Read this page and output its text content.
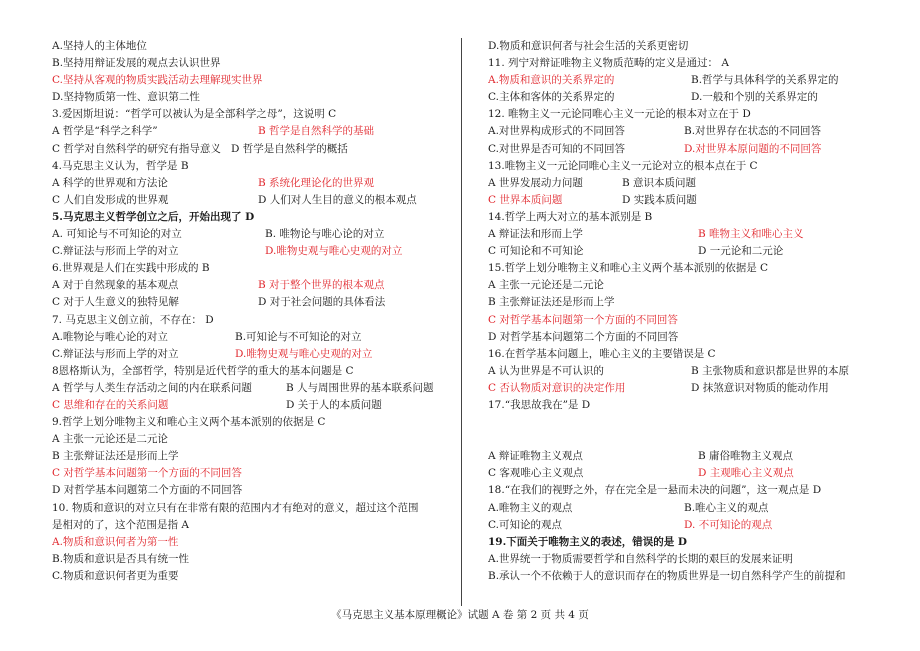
A.坚持人的主体地位
B.坚持用辩证发展的观点去认识世界
C.坚持从客观的物质实践活动去理解现实世界
D.坚持物质第一性、意识第二性
3.爱因斯坦说：“哲学可以被认为是全部科学之母”，这说明 C
A 哲学是“科学之科学”	B 哲学是自然科学的基础
C 哲学对自然科学的研究有指导意义 D 哲学是自然科学的概括
4.马克思主义认为，哲学是 B
A 科学的世界观和方法论	B 系统化理论化的世界观
C 人们自发形成的世界观	D 人们对人生目的意义的根本观点
5.马克思主义哲学创立之后，开始出现了 D
A. 可知论与不可知论的对立	B. 唯物论与唯心论的对立
C.辩证法与形而上学的对立	D.唯物史观与唯心史观的对立
6.世界观是人们在实践中形成的 B
A 对于自然现象的基本观点	B 对于整个世界的根本观点
C 对于人生意义的独特见解	D 对于社会问题的具体看法
7. 马克思主义创立前，不存在： D
A.唯物论与唯心论的对立	B.可知论与不可知论的对立
C.辩证法与形而上学的对立	D.唯物史观与唯心史观的对立
8恩格斯认为，全部哲学，特别是近代哲学的重大的基本问题是 C
A 哲学与人类生存活动之间的内在联系问题	B 人与周围世界的基本联系问题
C 思维和存在的关系问题	D 关于人的本质问题
9.哲学上划分唯物主义和唯心主义两个基本派别的依据是 C
A 主张一元论还是二元论
B 主张辩证法还是形而上学
C 对哲学基本问题第一个方面的不同回答
D 对哲学基本问题第二个方面的不同回答
10. 物质和意识的对立只有在非常有限的范围内才有绝对的意义，超过这个范围
是相对的了，这个范围是指 A
A.物质和意识何者为第一性
B.物质和意识是否具有统一性
C.物质和意识何者更为重要
D.物质和意识何者与社会生活的关系更密切
11. 列宁对辩证唯物主义物质范畴的定义是通过： A
A.物质和意识的关系界定的	B.哲学与具体科学的关系界定的
C.主体和客体的关系界定的	D.一般和个别的关系界定的
12. 唯物主义一元论同唯心主义一元论的根本对立在于 D
A.对世界构成形式的不同回答	B.对世界存在状态的不同回答
C.对世界是否可知的不同回答	D.对世界本原问题的不同回答
13.唯物主义一元论同唯心主义一元论对立的根本点在于 C
A 世界发展动力问题	B 意识本质问题
C 世界本质问题	D 实践本质问题
14.哲学上两大对立的基本派别是 B
A 辩证法和形而上学	B 唯物主义和唯心主义
C 可知论和不可知论	D 一元论和二元论
15.哲学上划分唯物主义和唯心主义两个基本派别的依据是 C
A 主张一元论还是二元论
B 主张辩证法还是形而上学
C 对哲学基本问题第一个方面的不同回答
D 对哲学基本问题第二个方面的不同回答
16.在哲学基本问题上，唯心主义的主要错误是 C
A 认为世界是不可认识的	B 主张物质和意识都是世界的本原
C 否认物质对意识的决定作用	D 抹煞意识对物质的能动作用
17.“我思故我在”是 D
A 辩证唯物主义观点	B 庸俗唯物主义观点
C 客观唯心主义观点	D 主观唯心主义观点
18.“在我们的视野之外，存在完全是一悬而未决的问题”，这一观点是 D
A.唯物主义的观点	B.唯心主义的观点
C.可知论的观点	D. 不可知论的观点
19.下面关于唯物主义的表述，错误的是 D
A.世界统一于物质需要哲学和自然科学的长期的艰巨的发展来证明
B.承认一个不依赖于人的意识而存在的物质世界是一切自然科学产生的前提和
《马克思主义基本原理概论》试题 A 卷 第 2 页 共 4 页
